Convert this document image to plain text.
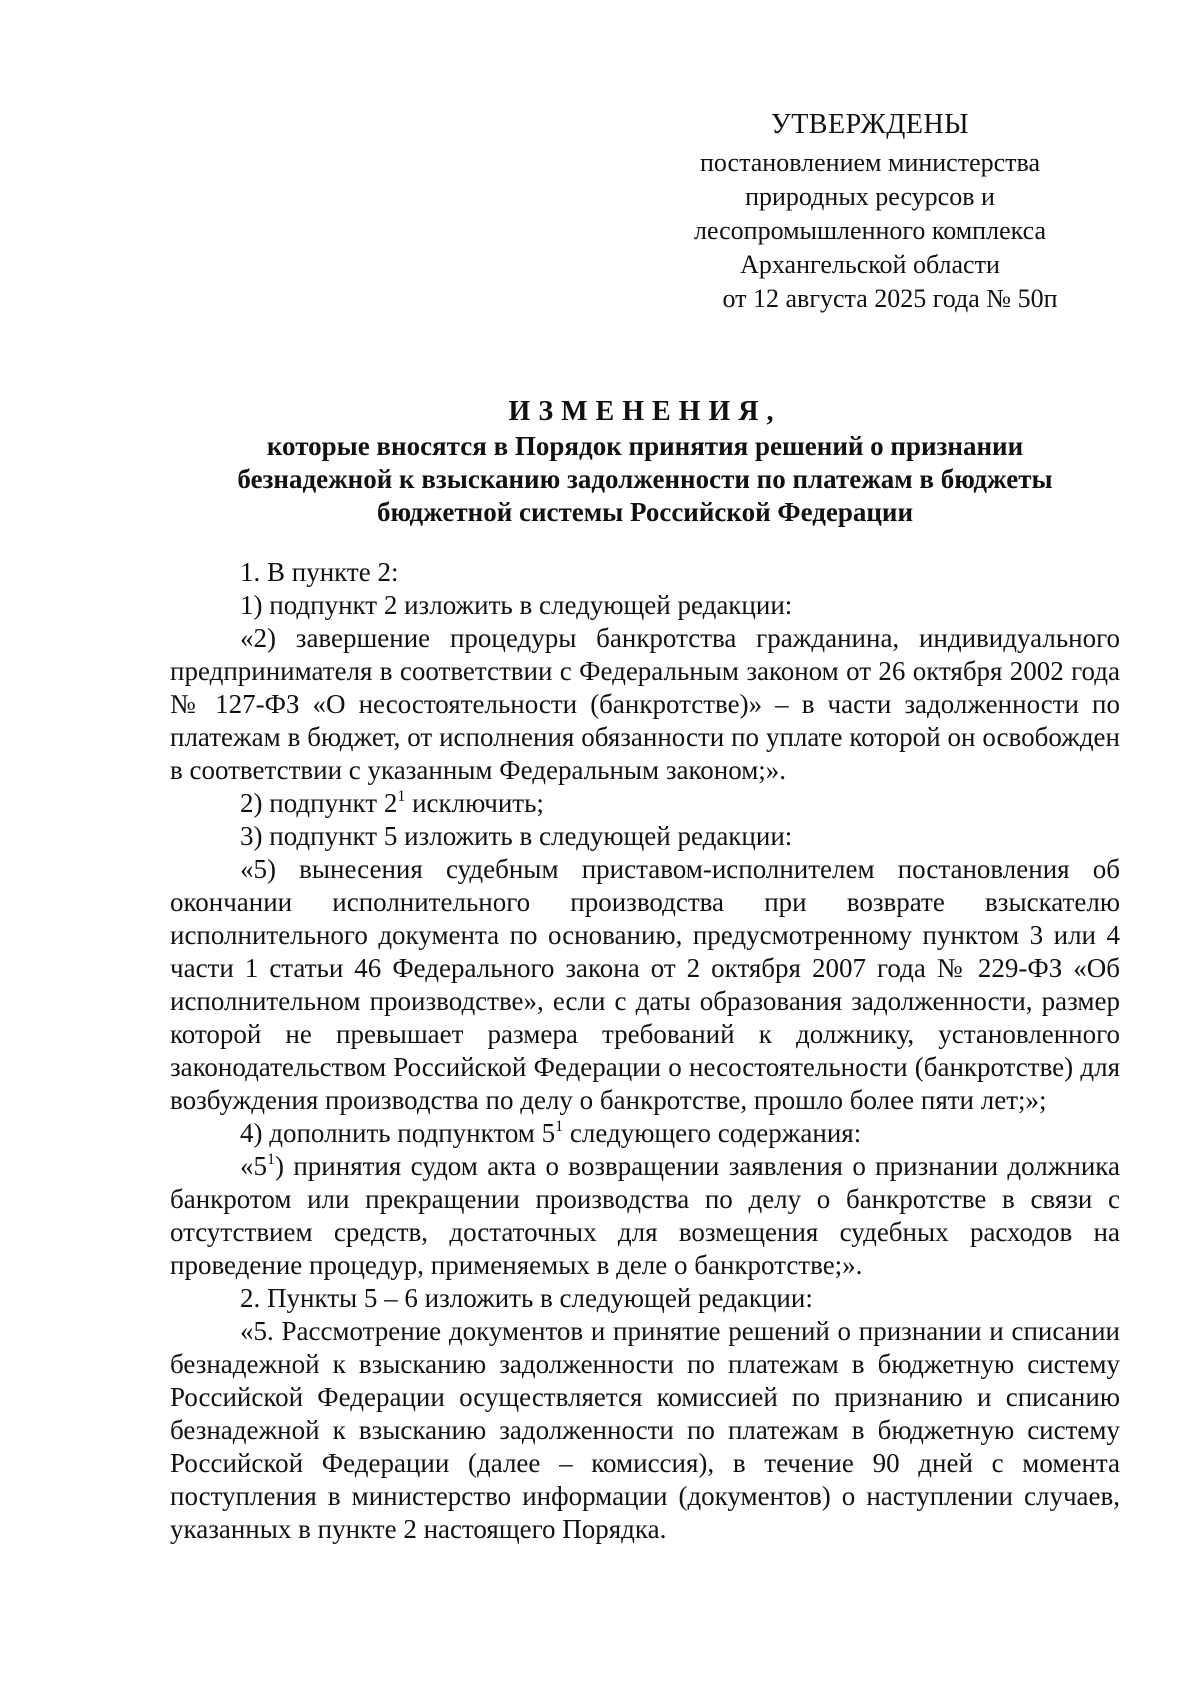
УТВЕРЖДЕНЫ
постановлением министерства
природных ресурсов и
лесопромышленного комплекса
Архангельской области
от 12 августа 2025 года № 50п
ИЗМЕНЕНИЯ,
которые вносятся в Порядок принятия решений о признании
безнадежной к взысканию задолженности по платежам в бюджеты
бюджетной системы Российской Федерации

1. В пункте 2:

1) подпункт 2 изложить в следующей редакции:

«2) завершение процедуры банкротства гражданина, индивидуального предпринимателя в соответствии с Федеральным законом от 26 октября 2002 года № 127-ФЗ «О несостоятельности (банкротстве)» – в части задолженности по платежам в бюджет, от исполнения обязанности по уплате которой он освобожден в соответствии с указанным Федеральным законом;».

2) подпункт $2^1$ исключить;

3) подпункт 5 изложить в следующей редакции:

«5) вынесения судебным приставом-исполнителем постановления об окончании исполнительного производства при возврате взыскателю исполнительного документа по основанию, предусмотренному пунктом 3 или 4 части 1 статьи 46 Федерального закона от 2 октября 2007 года № 229-ФЗ «Об исполнительном производстве», если с даты образования задолженности, размер которой не превышает размера требований к должнику, установленного законодательством Российской Федерации о несостоятельности (банкротстве) для возбуждения производства по делу о банкротстве, прошло более пяти лет;»;

4) дополнить подпунктом $5^1$ следующего содержания:

«$5^1$) принятия судом акта о возвращении заявления о признании должника банкротом или прекращении производства по делу о банкротстве в связи с отсутствием средств, достаточных для возмещения судебных расходов на проведение процедур, применяемых в деле о банкротстве;».

2. Пункты 5 – 6 изложить в следующей редакции:

«5. Рассмотрение документов и принятие решений о признании и списании безнадежной к взысканию задолженности по платежам в бюджетную систему Российской Федерации осуществляется комиссией по признанию и списанию безнадежной к взысканию задолженности по платежам в бюджетную систему Российской Федерации (далее – комиссия), в течение 90 дней с момента поступления в министерство информации (документов) о наступлении случаев, указанных в пункте 2 настоящего Порядка.
